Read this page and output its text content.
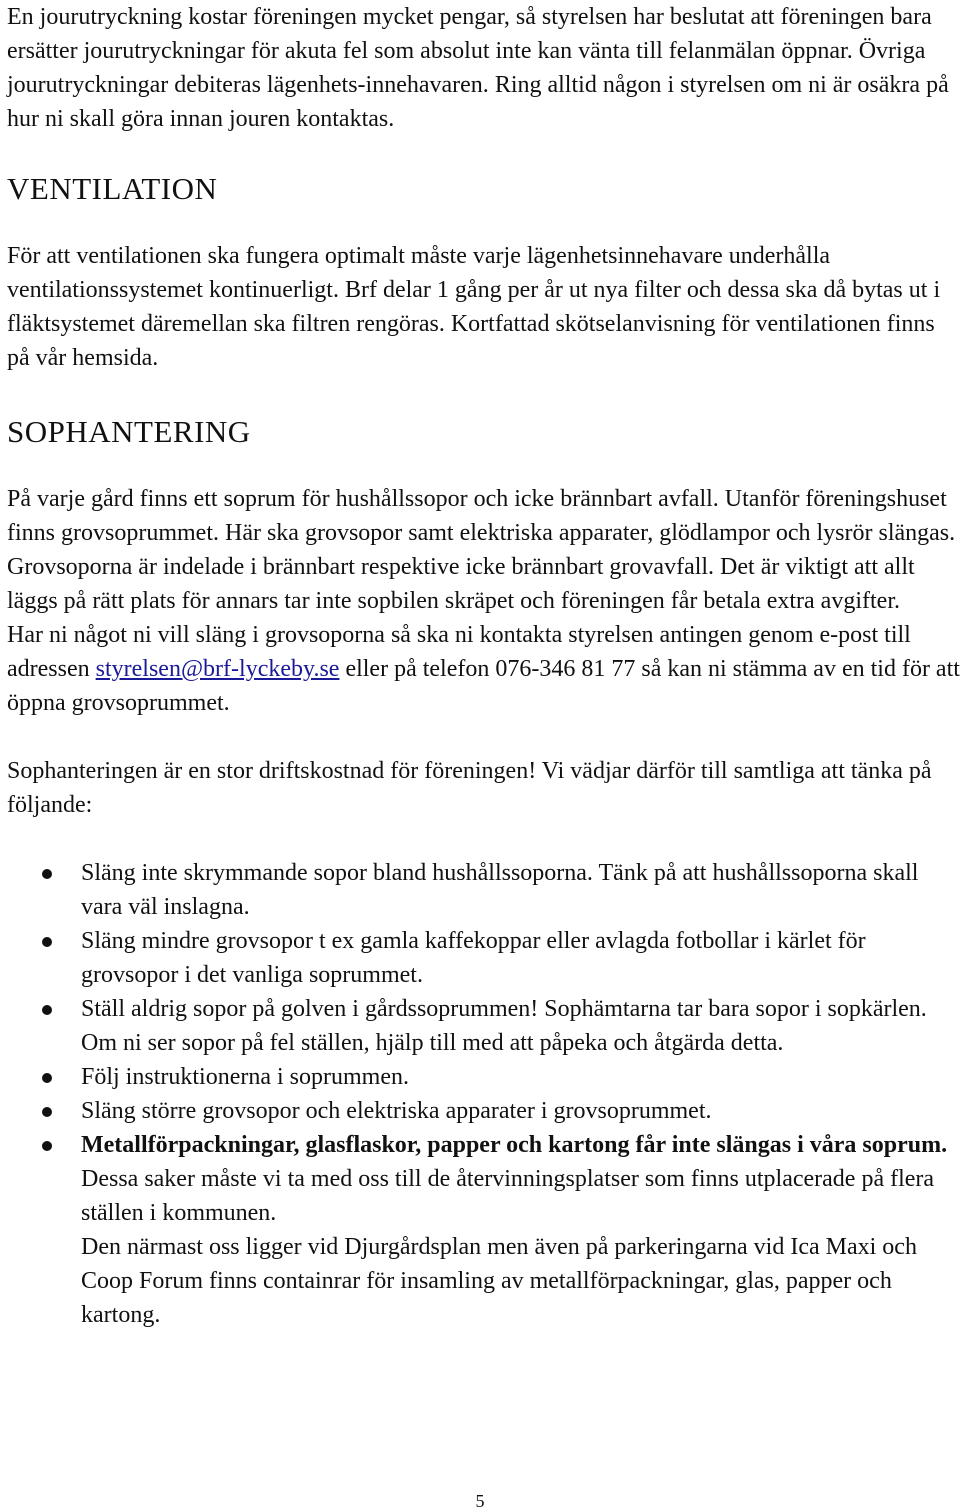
En jourutryckning kostar föreningen mycket pengar, så styrelsen har beslutat att föreningen bara ersätter jourutryckningar för akuta fel som absolut inte kan vänta till felanmälan öppnar. Övriga jourutryckningar debiteras lägenhets-innehavaren. Ring alltid någon i styrelsen om ni är osäkra på hur ni skall göra innan jouren kontaktas.

VENTILATION

För att ventilationen ska fungera optimalt måste varje lägenhetsinnehavare underhålla ventilationssystemet kontinuerligt. Brf delar 1 gång per år ut nya filter och dessa ska då bytas ut i fläktsystemet däremellan ska filtren rengöras. Kortfattad skötselanvisning för ventilationen finns på vår hemsida.

SOPHANTERING

På varje gård finns ett soprum för hushållssopor och icke brännbart avfall. Utanför föreningshuset finns grovsoprummet. Här ska grovsopor samt elektriska apparater, glödlampor och lysrör slängas. Grovsoporna är indelade i brännbart respektive icke brännbart grovavfall. Det är viktigt att allt läggs på rätt plats för annars tar inte sopbilen skräpet och föreningen får betala extra avgifter.
Har ni något ni vill släng i grovsoporna så ska ni kontakta styrelsen antingen genom e-post till adressen styrelsen@brf-lyckeby.se eller på telefon 076-346 81 77 så kan ni stämma av en tid för att öppna grovsoprummet.

Sophanteringen är en stor driftskostnad för föreningen! Vi vädjar därför till samtliga att tänka på följande:

Släng inte skrymmande sopor bland hushållssoporna. Tänk på att hushållssoporna skall vara väl inslagna.
Släng mindre grovsopor t ex gamla kaffekoppar eller avlagda fotbollar i kärlet för grovsopor i det vanliga soprummet.
Ställ aldrig sopor på golven i gårdssoprummen! Sophämtarna tar bara sopor i sopkärlen. Om ni ser sopor på fel ställen, hjälp till med att påpeka och åtgärda detta.
Följ instruktionerna i soprummen.
Släng större grovsopor och elektriska apparater i grovsoprummet.
Metallförpackningar, glasflaskor, papper och kartong får inte slängas i våra soprum. Dessa saker måste vi ta med oss till de återvinningsplatser som finns utplacerade på flera ställen i kommunen.
Den närmast oss ligger vid Djurgårdsplan men även på parkeringarna vid Ica Maxi och Coop Forum finns containrar för insamling av metallförpackningar, glas, papper och kartong.
5
